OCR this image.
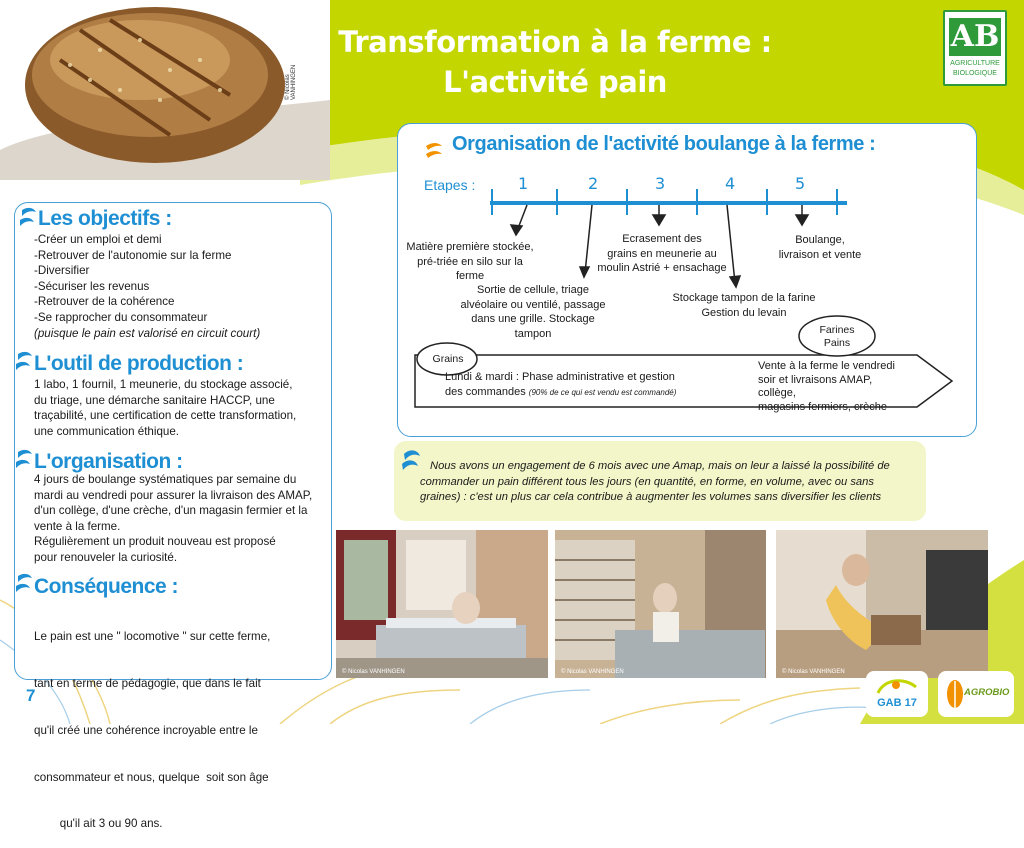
© Nicolas VANHINGEN
Transformation à la ferme :
L'activité pain
AB
AGRICULTURE
BIOLOGIQUE
Les objectifs :
-Créer un emploi et demi
-Retrouver de l'autonomie sur la ferme
-Diversifier
-Sécuriser les revenus
-Retrouver de la cohérence
-Se rapprocher du consommateur
(puisque le pain est valorisé en circuit court)
L'outil de production :
1 labo, 1 fournil, 1 meunerie, du stockage associé,
du triage, une démarche sanitaire HACCP, une
traçabilité, une certification de cette transformation,
une communication éthique.
L'organisation :
4 jours de boulange systématiques par semaine du
mardi au vendredi pour assurer la livraison des AMAP,
d'un collège, d'une crèche, d'un magasin fermier et la
vente à la ferme.
Régulièrement un produit nouveau est proposé
pour renouveler la curiosité.
Conséquence :

Le pain est une " locomotive " sur cette ferme,

tant en terme de pédagogie, que dans le fait

qu'il créé une cohérence incroyable entre le

consommateur et nous, quelque  soit son âge

qu'il ait 3 ou 90 ans.

Organisation de l'activité boulange à la ferme :
Etapes :	1	2	3	4	5
Matière première stockée,
pré-triée en silo sur la ferme
Sortie de cellule, triage
alvéolaire ou ventilé, passage
dans une grille. Stockage tampon
Ecrasement des
grains en meunerie au
moulin Astrié + ensachage
Stockage tampon de la farine
Gestion du levain
Boulange,
livraison et vente
Grains
Farines
Pains
Lundi & mardi : Phase administrative et gestion
des commandes (90% de ce qui est vendu est commandé)
Vente à la ferme le vendredi
soir et livraisons AMAP, collège,
magasins fermiers, crèche
Nous avons un engagement de 6 mois avec une Amap, mais on leur a laissé la possibilité de
commander un pain différent tous les jours (en quantité, en forme, en volume, avec ou sans
graines) : c'est un plus car cela contribue à augmenter les volumes sans diversifier les clients
© Nicolas VANHINGEN	© Nicolas VANHINGEN	© Nicolas VANHINGEN
7	GAB 17
AGROBIO
